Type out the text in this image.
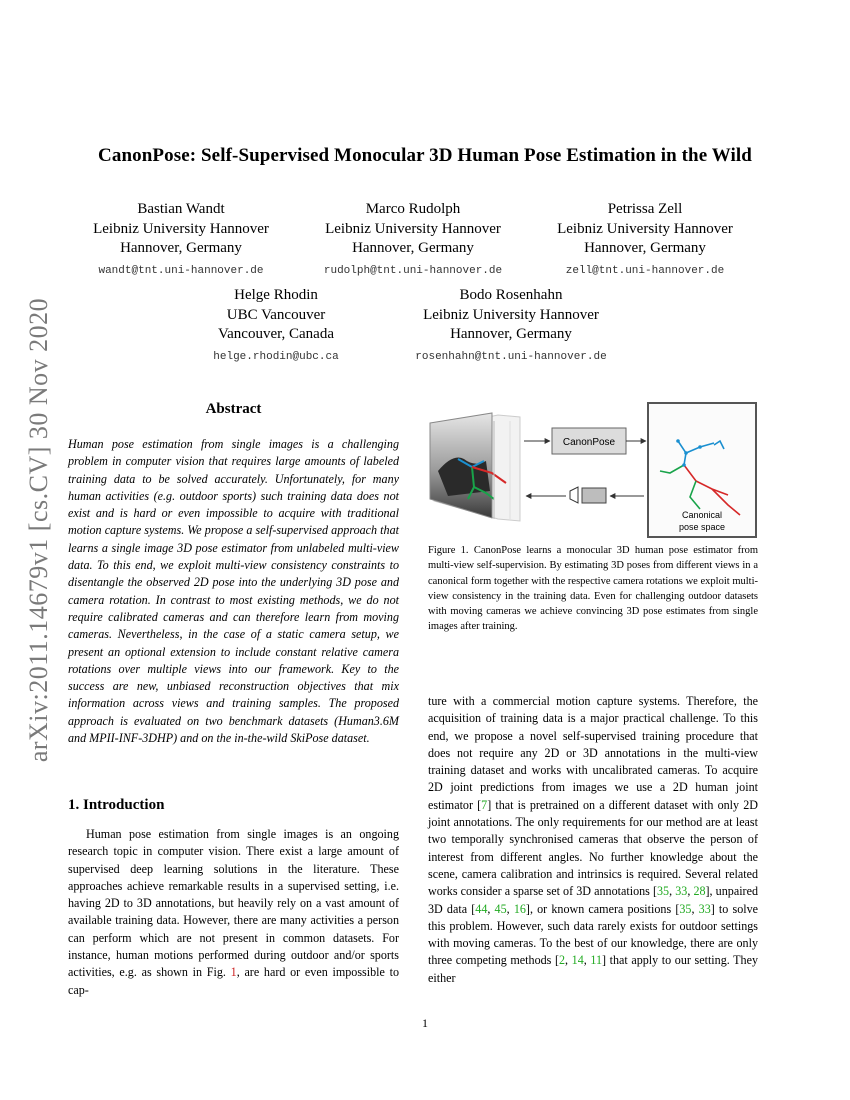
arXiv:2011.14679v1 [cs.CV] 30 Nov 2020
CanonPose: Self-Supervised Monocular 3D Human Pose Estimation in the Wild
Bastian Wandt
Leibniz University Hannover
Hannover, Germany
wandt@tnt.uni-hannover.de
Marco Rudolph
Leibniz University Hannover
Hannover, Germany
rudolph@tnt.uni-hannover.de
Petrissa Zell
Leibniz University Hannover
Hannover, Germany
zell@tnt.uni-hannover.de
Helge Rhodin
UBC Vancouver
Vancouver, Canada
helge.rhodin@ubc.ca
Bodo Rosenhahn
Leibniz University Hannover
Hannover, Germany
rosenhahn@tnt.uni-hannover.de
Abstract
Human pose estimation from single images is a challenging problem in computer vision that requires large amounts of labeled training data to be solved accurately. Unfortunately, for many human activities (e.g. outdoor sports) such training data does not exist and is hard or even impossible to acquire with traditional motion capture systems. We propose a self-supervised approach that learns a single image 3D pose estimator from unlabeled multi-view data. To this end, we exploit multi-view consistency constraints to disentangle the observed 2D pose into the underlying 3D pose and camera rotation. In contrast to most existing methods, we do not require calibrated cameras and can therefore learn from moving cameras. Nevertheless, in the case of a static camera setup, we present an optional extension to include constant relative camera rotations over multiple views into our framework. Key to the success are new, unbiased reconstruction objectives that mix information across views and training samples. The proposed approach is evaluated on two benchmark datasets (Human3.6M and MPII-INF-3DHP) and on the in-the-wild SkiPose dataset.
1. Introduction
Human pose estimation from single images is an ongoing research topic in computer vision. There exist a large amount of supervised deep learning solutions in the literature. These approaches achieve remarkable results in a supervised setting, i.e. having 2D to 3D annotations, but heavily rely on a vast amount of available training data. However, there are many activities a person can perform which are not present in common datasets. For instance, human motions performed during outdoor and/or sports activities, e.g. as shown in Fig. 1, are hard or even impossible to cap-
CanonPose
Canonical
pose space
Figure 1. CanonPose learns a monocular 3D human pose estimator from multi-view self-supervision. By estimating 3D poses from different views in a canonical form together with the respective camera rotations we exploit multi-view consistency in the training data. Even for challenging outdoor datasets with moving cameras we achieve convincing 3D pose estimates from single images after training.
ture with a commercial motion capture systems. Therefore, the acquisition of training data is a major practical challenge. To this end, we propose a novel self-supervised training procedure that does not require any 2D or 3D annotations in the multi-view training dataset and works with uncalibrated cameras. To acquire 2D joint predictions from images we use a 2D human joint estimator [7] that is pretrained on a different dataset with only 2D joint annotations. The only requirements for our method are at least two temporally synchronised cameras that observe the person of interest from different angles. No further knowledge about the scene, camera calibration and intrinsics is required. Several related works consider a sparse set of 3D annotations [35, 33, 28], unpaired 3D data [44, 45, 16], or known camera positions [35, 33] to solve this problem. However, such data rarely exists for outdoor settings with moving cameras. To the best of our knowledge, there are only three competing methods [2, 14, 11] that apply to our setting. They either
1
